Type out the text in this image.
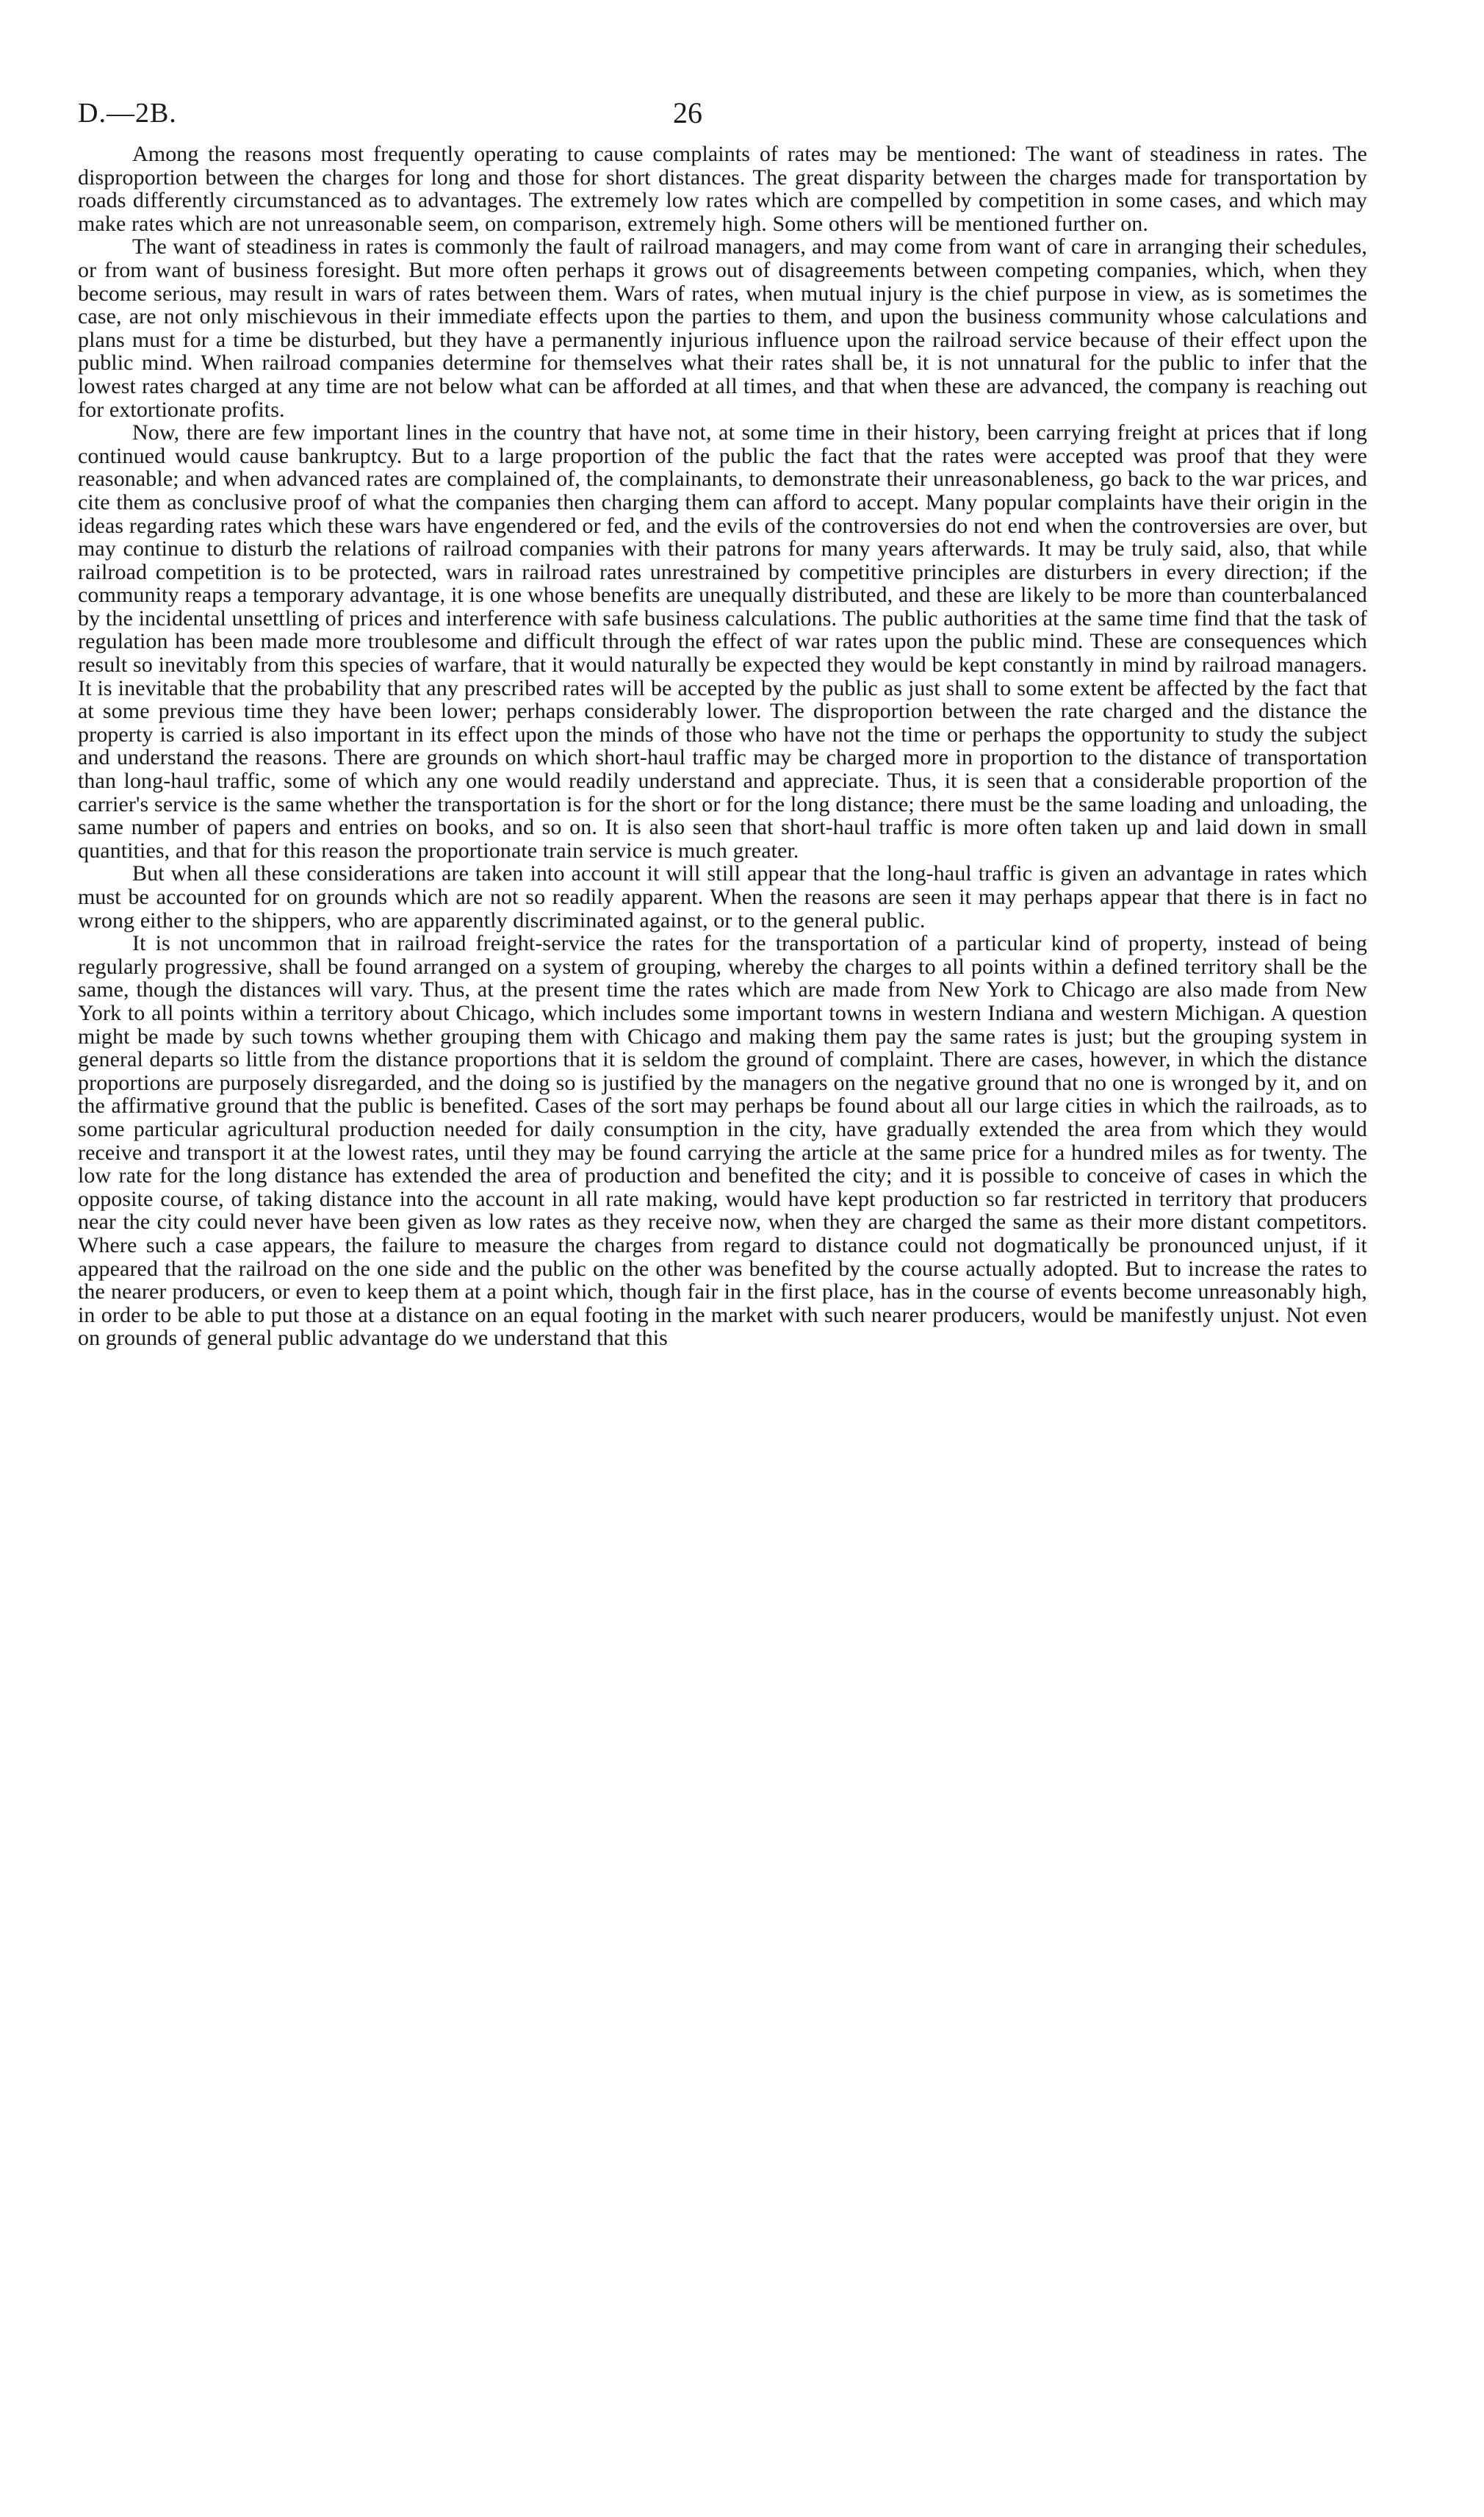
D.—2B.	26

Among the reasons most frequently operating to cause complaints of rates may be mentioned: The want of steadiness in rates. The disproportion between the charges for long and those for short distances. The great disparity between the charges made for transportation by roads differently circumstanced as to advantages. The extremely low rates which are compelled by competition in some cases, and which may make rates which are not unreasonable seem, on comparison, extremely high. Some others will be mentioned further on.

The want of steadiness in rates is commonly the fault of railroad managers, and may come from want of care in arranging their schedules, or from want of business foresight. But more often perhaps it grows out of disagreements between competing companies, which, when they become serious, may result in wars of rates between them. Wars of rates, when mutual injury is the chief purpose in view, as is sometimes the case, are not only mischievous in their immediate effects upon the parties to them, and upon the business community whose calculations and plans must for a time be disturbed, but they have a permanently injurious influence upon the railroad service because of their effect upon the public mind. When railroad companies determine for themselves what their rates shall be, it is not unnatural for the public to infer that the lowest rates charged at any time are not below what can be afforded at all times, and that when these are advanced, the company is reaching out for extortionate profits.

Now, there are few important lines in the country that have not, at some time in their history, been carrying freight at prices that if long continued would cause bankruptcy. But to a large proportion of the public the fact that the rates were accepted was proof that they were reasonable; and when advanced rates are complained of, the complainants, to demonstrate their unreasonableness, go back to the war prices, and cite them as conclusive proof of what the companies then charging them can afford to accept. Many popular complaints have their origin in the ideas regarding rates which these wars have engendered or fed, and the evils of the controversies do not end when the controversies are over, but may continue to disturb the relations of railroad companies with their patrons for many years afterwards. It may be truly said, also, that while railroad competition is to be protected, wars in railroad rates unrestrained by competitive principles are disturbers in every direction; if the community reaps a temporary advantage, it is one whose benefits are unequally distributed, and these are likely to be more than counterbalanced by the incidental unsettling of prices and interference with safe business calculations. The public authorities at the same time find that the task of regulation has been made more troublesome and difficult through the effect of war rates upon the public mind. These are consequences which result so inevitably from this species of warfare, that it would naturally be expected they would be kept constantly in mind by railroad managers. It is inevitable that the probability that any prescribed rates will be accepted by the public as just shall to some extent be affected by the fact that at some previous time they have been lower; perhaps considerably lower. The disproportion between the rate charged and the distance the property is carried is also important in its effect upon the minds of those who have not the time or perhaps the opportunity to study the subject and understand the reasons. There are grounds on which short-haul traffic may be charged more in proportion to the distance of transportation than long-haul traffic, some of which any one would readily understand and appreciate. Thus, it is seen that a considerable proportion of the carrier's service is the same whether the transportation is for the short or for the long distance; there must be the same loading and unloading, the same number of papers and entries on books, and so on. It is also seen that short-haul traffic is more often taken up and laid down in small quantities, and that for this reason the proportionate train service is much greater.

But when all these considerations are taken into account it will still appear that the long-haul traffic is given an advantage in rates which must be accounted for on grounds which are not so readily apparent. When the reasons are seen it may perhaps appear that there is in fact no wrong either to the shippers, who are apparently discriminated against, or to the general public.

It is not uncommon that in railroad freight-service the rates for the transportation of a particular kind of property, instead of being regularly progressive, shall be found arranged on a system of grouping, whereby the charges to all points within a defined territory shall be the same, though the distances will vary. Thus, at the present time the rates which are made from New York to Chicago are also made from New York to all points within a territory about Chicago, which includes some important towns in western Indiana and western Michigan. A question might be made by such towns whether grouping them with Chicago and making them pay the same rates is just; but the grouping system in general departs so little from the distance proportions that it is seldom the ground of complaint. There are cases, however, in which the distance proportions are purposely disregarded, and the doing so is justified by the managers on the negative ground that no one is wronged by it, and on the affirmative ground that the public is benefited. Cases of the sort may perhaps be found about all our large cities in which the railroads, as to some particular agricultural production needed for daily consumption in the city, have gradually extended the area from which they would receive and transport it at the lowest rates, until they may be found carrying the article at the same price for a hundred miles as for twenty. The low rate for the long distance has extended the area of production and benefited the city; and it is possible to conceive of cases in which the opposite course, of taking distance into the account in all rate making, would have kept production so far restricted in territory that producers near the city could never have been given as low rates as they receive now, when they are charged the same as their more distant competitors. Where such a case appears, the failure to measure the charges from regard to distance could not dogmatically be pronounced unjust, if it appeared that the railroad on the one side and the public on the other was benefited by the course actually adopted. But to increase the rates to the nearer producers, or even to keep them at a point which, though fair in the first place, has in the course of events become unreasonably high, in order to be able to put those at a distance on an equal footing in the market with such nearer producers, would be manifestly unjust. Not even on grounds of general public advantage do we understand that this
